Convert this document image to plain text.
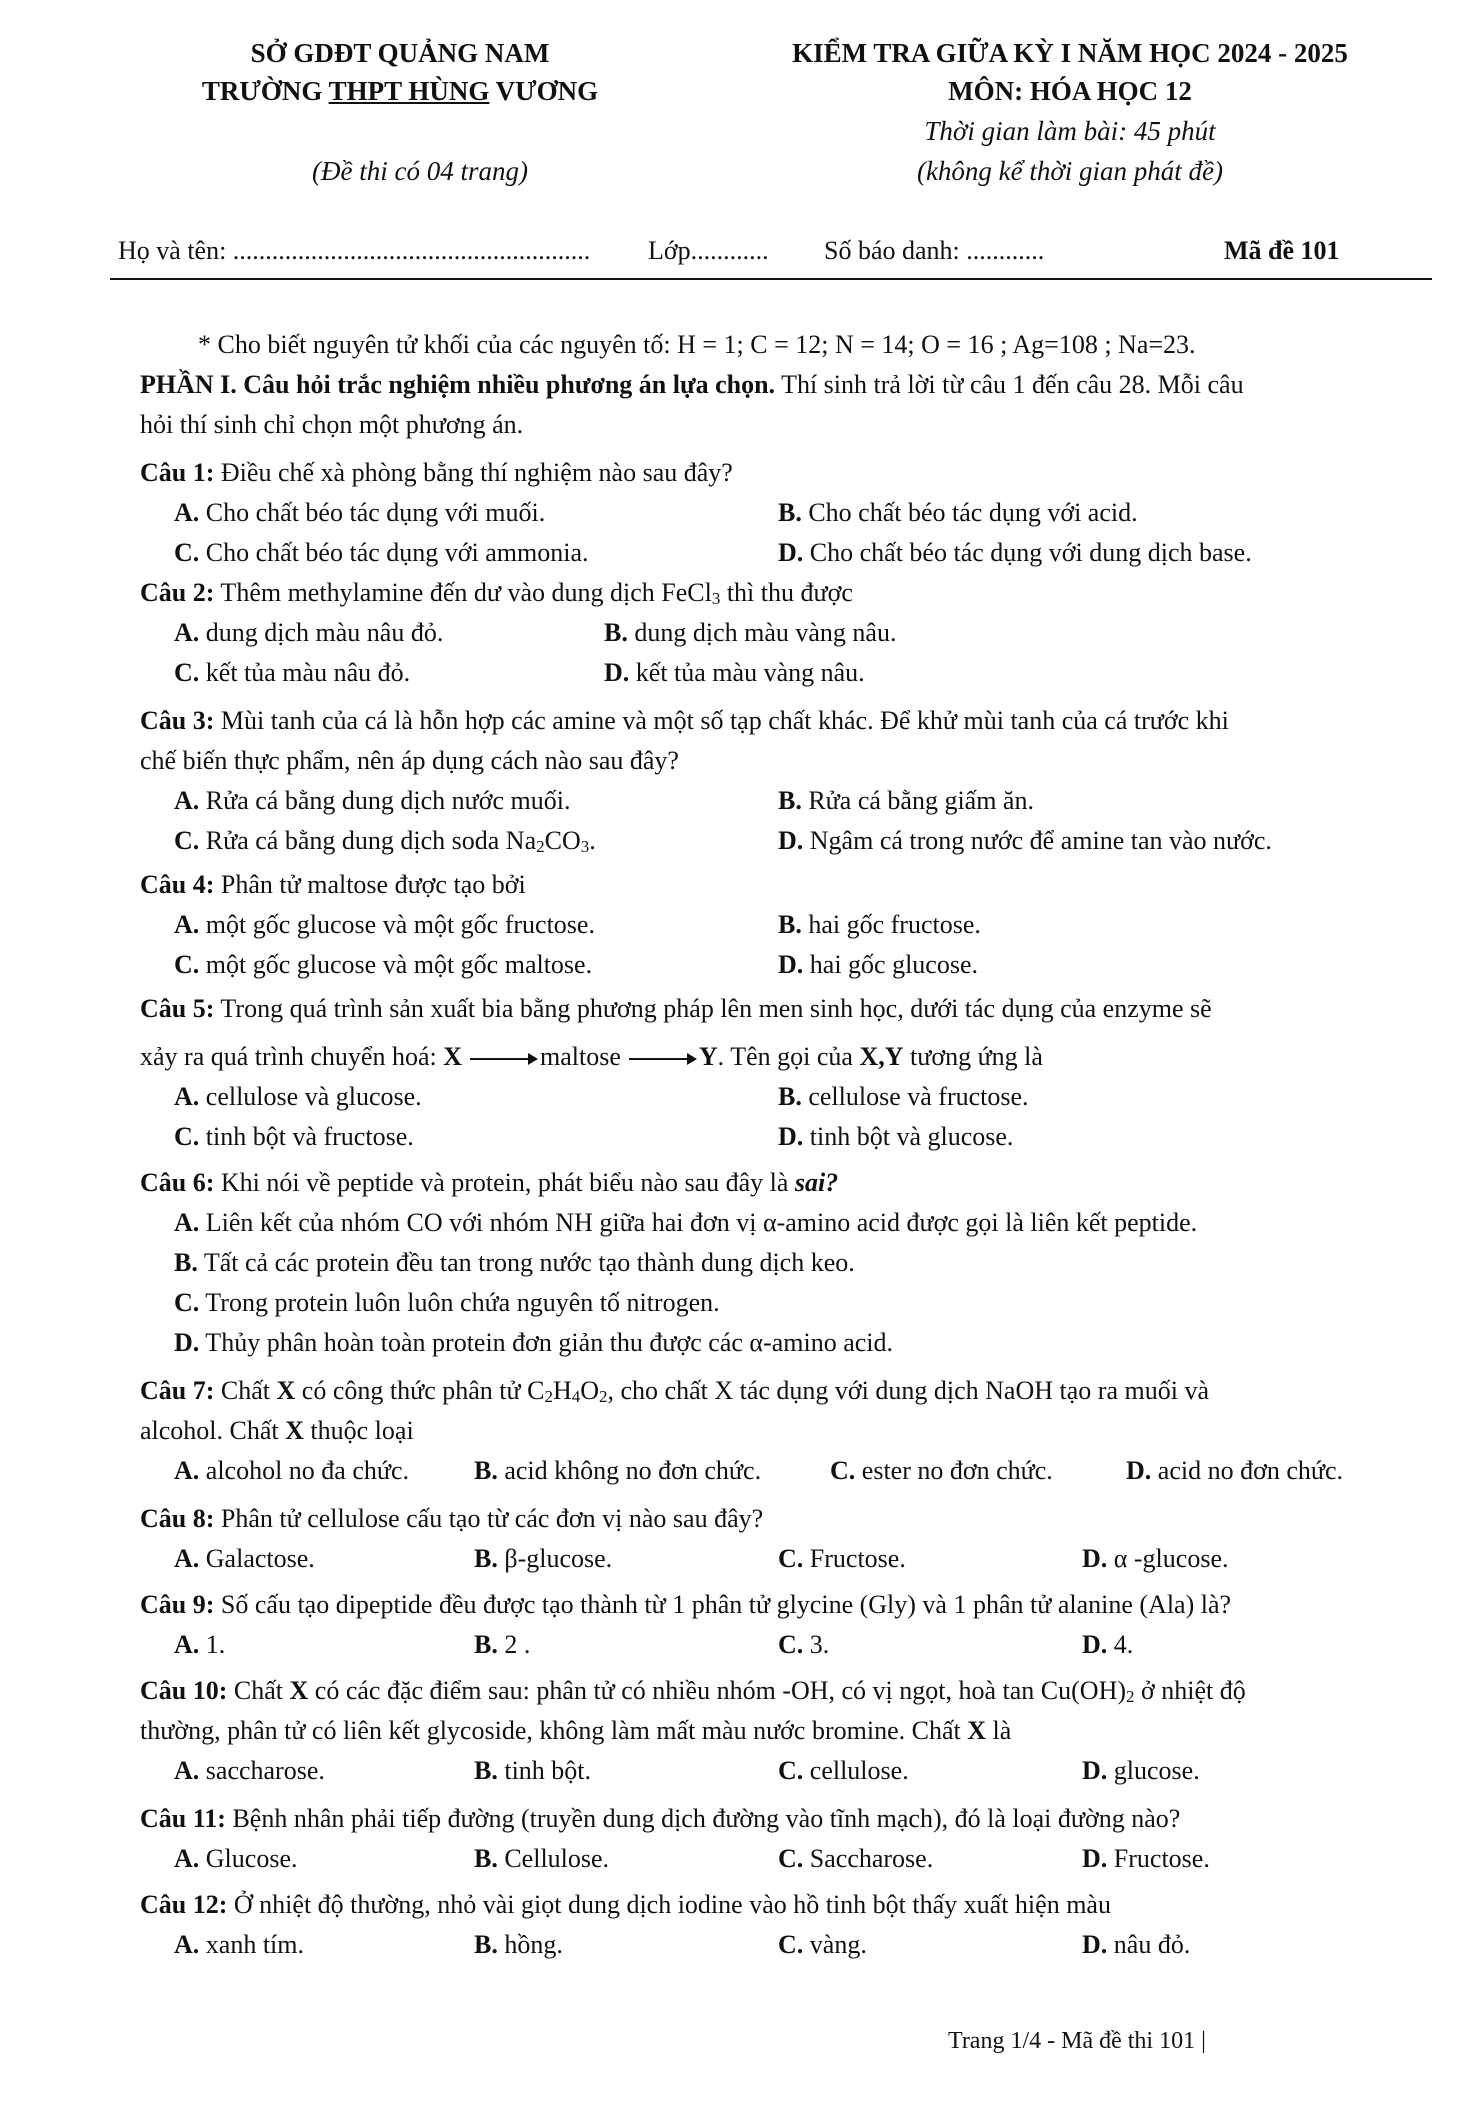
SỞ GDĐT QUẢNG NAM
TRƯỜNG THPT HÙNG VƯƠNG
(Đề thi có 04 trang)
KIỂM TRA GIỮA KỲ I NĂM HỌC 2024 - 2025
MÔN: HÓA HỌC 12
Thời gian làm bài: 45 phút
(không kể thời gian phát đề)
Họ và tên: ....................................................... Lớp............ Số báo danh: ............	Mã đề 101
* Cho biết nguyên tử khối của các nguyên tố: H = 1; C = 12; N = 14; O = 16 ; Ag=108 ; Na=23.
PHẦN I. Câu hỏi trắc nghiệm nhiều phương án lựa chọn. Thí sinh trả lời từ câu 1 đến câu 28. Mỗi câu
hỏi thí sinh chỉ chọn một phương án.
Câu 1: Điều chế xà phòng bằng thí nghiệm nào sau đây?
A. Cho chất béo tác dụng với muối.	B. Cho chất béo tác dụng với acid.
C. Cho chất béo tác dụng với ammonia.	D. Cho chất béo tác dụng với dung dịch base.
Câu 2: Thêm methylamine đến dư vào dung dịch FeCl$_3$ thì thu được
A. dung dịch màu nâu đỏ.	B. dung dịch màu vàng nâu.
C. kết tủa màu nâu đỏ.	D. kết tủa màu vàng nâu.
Câu 3: Mùi tanh của cá là hỗn hợp các amine và một số tạp chất khác. Để khử mùi tanh của cá trước khi
chế biến thực phẩm, nên áp dụng cách nào sau đây?
A. Rửa cá bằng dung dịch nước muối.	B. Rửa cá bằng giấm ăn.
C. Rửa cá bằng dung dịch soda $Na_2CO_3$.	D. Ngâm cá trong nước để amine tan vào nước.
Câu 4: Phân tử maltose được tạo bởi
A. một gốc glucose và một gốc fructose.	B. hai gốc fructose.
C. một gốc glucose và một gốc maltose.	D. hai gốc glucose.
Câu 5: Trong quá trình sản xuất bia bằng phương pháp lên men sinh học, dưới tác dụng của enzyme sẽ
xảy ra quá trình chuyển hoá: X	maltose	Y. Tên gọi của X,Y tương ứng là
A. cellulose và glucose.	B. cellulose và fructose.
C. tinh bột và fructose.	D. tinh bột và glucose.
Câu 6: Khi nói về peptide và protein, phát biểu nào sau đây là sai?
A. Liên kết của nhóm CO với nhóm NH giữa hai đơn vị α-amino acid được gọi là liên kết peptide.
B. Tất cả các protein đều tan trong nước tạo thành dung dịch keo.
C. Trong protein luôn luôn chứa nguyên tố nitrogen.
D. Thủy phân hoàn toàn protein đơn giản thu được các α-amino acid.
Câu 7: Chất X có công thức phân tử $C_2H_4O_2$, cho chất X tác dụng với dung dịch NaOH tạo ra muối và
alcohol. Chất X thuộc loại
A. alcohol no đa chức. B. acid không no đơn chức.	C. ester no đơn chức.	D. acid no đơn chức.
Câu 8: Phân tử cellulose cấu tạo từ các đơn vị nào sau đây?
A. Galactose.	B. β-glucose.	C. Fructose.	D. α -glucose.
Câu 9: Số cấu tạo dipeptide đều được tạo thành từ 1 phân tử glycine (Gly) và 1 phân tử alanine (Ala) là?
A. 1.	B. 2 .	C. 3.	D. 4.
Câu 10: Chất X có các đặc điểm sau: phân tử có nhiều nhóm -OH, có vị ngọt, hoà $\tan Cu(OH)_2$ ở nhiệt độ
thường, phân tử có liên kết glycoside, không làm mất màu nước bromine. Chất X là
A. saccharose.	B. tinh bột.	C. cellulose.	D. glucose.
Câu 11: Bệnh nhân phải tiếp đường (truyền dung dịch đường vào tĩnh mạch), đó là loại đường nào?
A. Glucose.	B. Cellulose.	C. Saccharose.	D. Fructose.
Câu 12: Ở nhiệt độ thường, nhỏ vài giọt dung dịch iodine vào hồ tinh bột thấy xuất hiện màu
A. xanh tím.	B. hồng.	C. vàng.	D. nâu đỏ.
Trang 1/4 - Mã đề thi 101 |
